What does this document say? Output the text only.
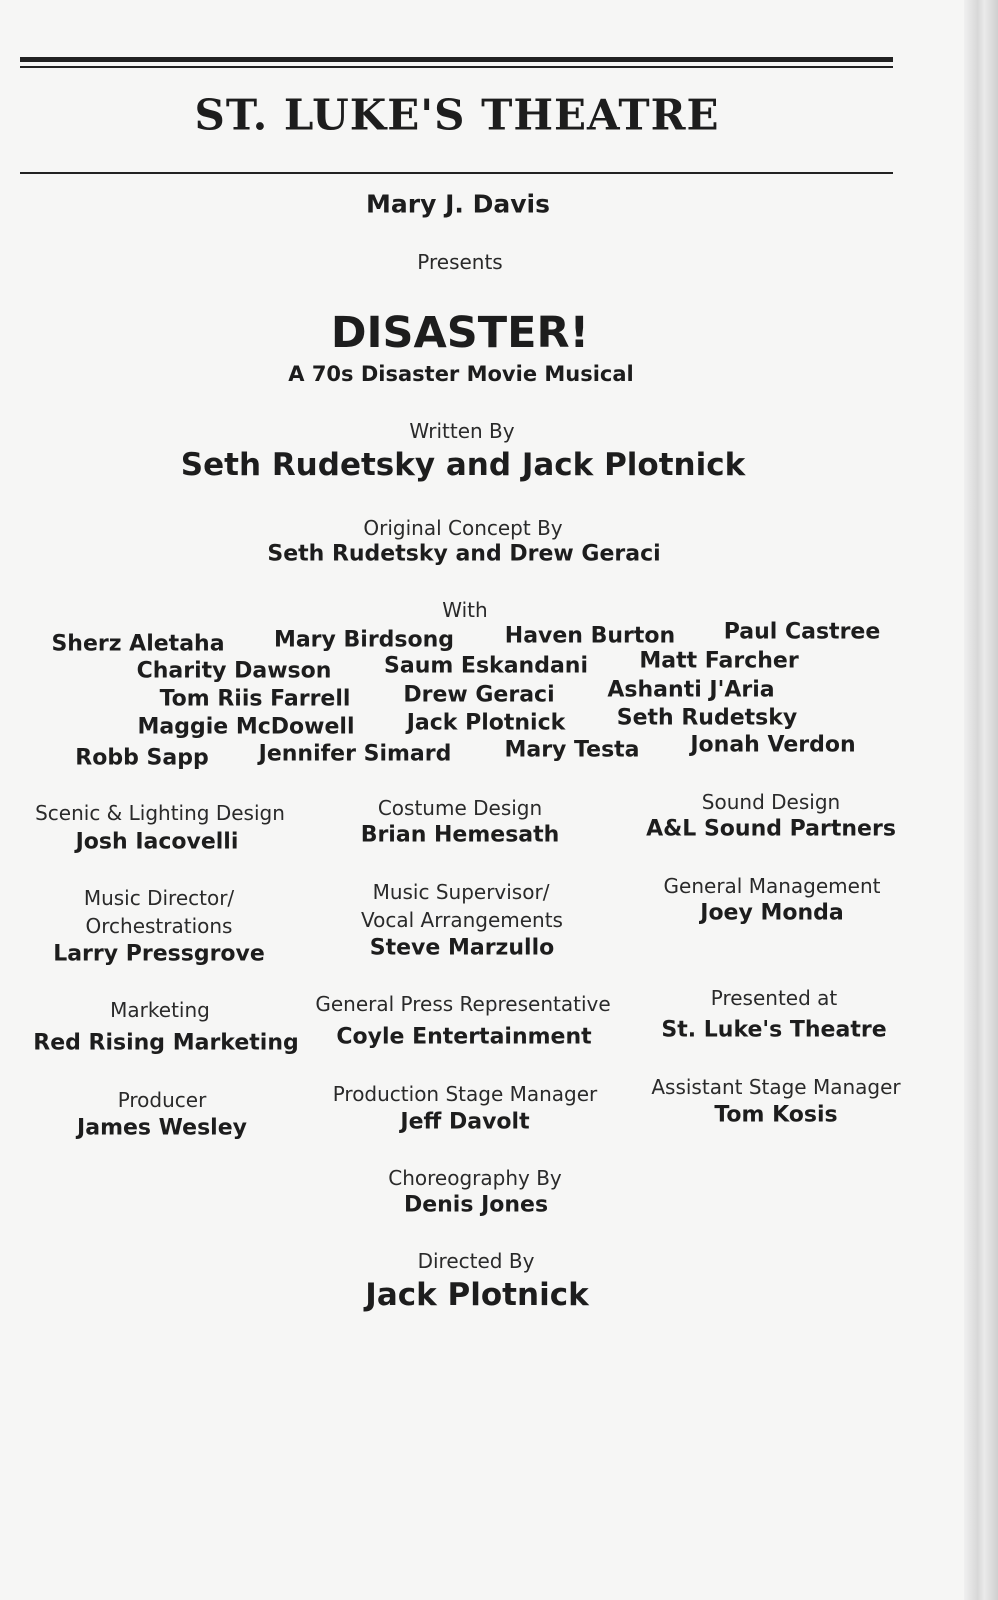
ST. LUKE'S THEATRE
Mary J. Davis
Presents
DISASTER!
A 70s Disaster Movie Musical
Written By
Seth Rudetsky and Jack Plotnick
Original Concept By
Seth Rudetsky and Drew Geraci
With
Sherz Aletaha Mary Birdsong Haven Burton Paul Castree
Charity Dawson Saum Eskandani Matt Farcher
Tom Riis Farrell Drew Geraci Ashanti J'Aria
Maggie McDowell Jack Plotnick Seth Rudetsky
Robb Sapp Jennifer Simard Mary Testa Jonah Verdon
Scenic & Lighting Design
Josh Iacovelli
Costume Design
Brian Hemesath
Sound Design
A&L Sound Partners
Music Director/
Orchestrations
Larry Pressgrove
Music Supervisor/
Vocal Arrangements
Steve Marzullo
General Management
Joey Monda
Marketing
Red Rising Marketing
General Press Representative
Coyle Entertainment
Presented at
St. Luke's Theatre
Producer
James Wesley
Production Stage Manager
Jeff Davolt
Assistant Stage Manager
Tom Kosis
Choreography By
Denis Jones
Directed By
Jack Plotnick
